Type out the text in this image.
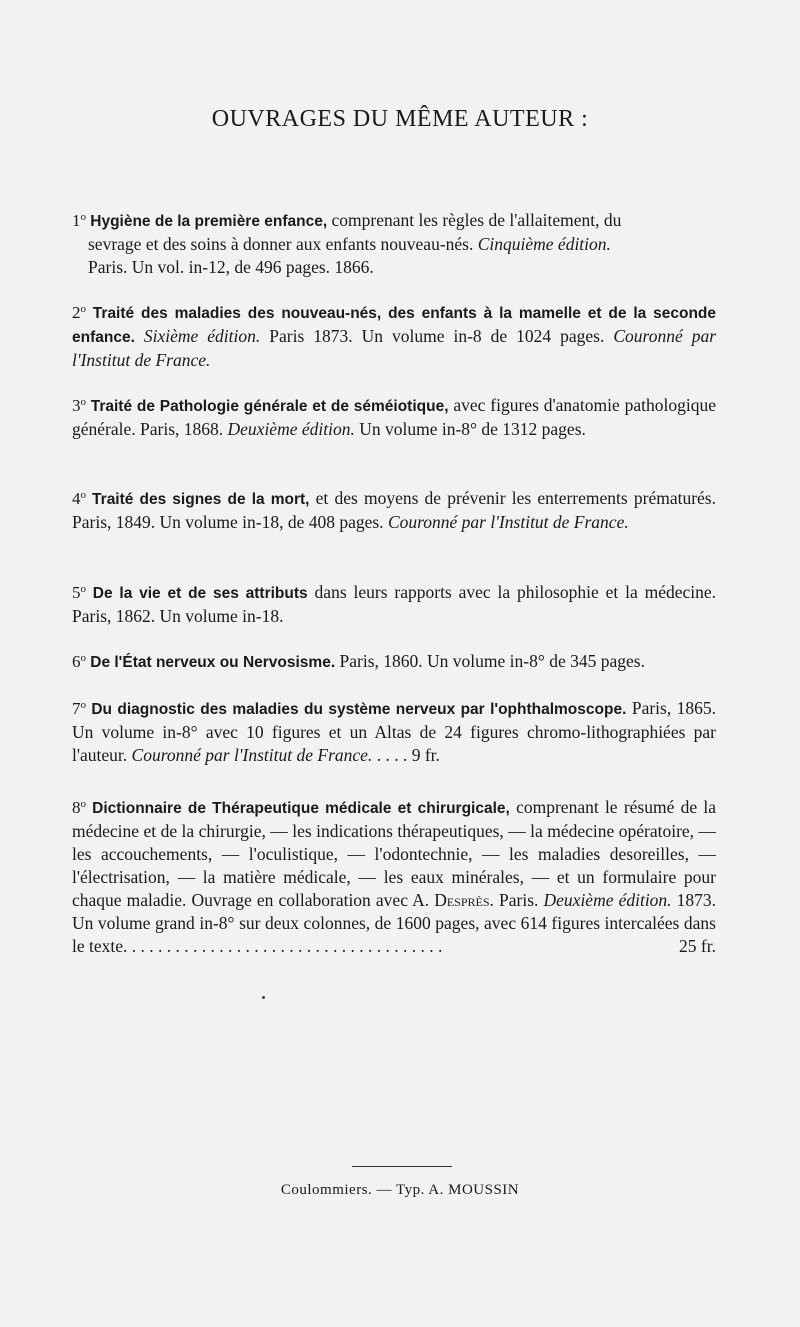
OUVRAGES DU MÊME AUTEUR :
1$^o$ Hygiène de la première enfance, comprenant les règles de l'allaitement, du
sevrage et des soins à donner aux enfants nouveau-nés. Cinquième édition.
Paris. Un vol. in-12, de 496 pages. 1866.
2$^o$ Traité des maladies des nouveau-nés, des enfants à la mamelle et de la seconde enfance. Sixième édition. Paris 1873. Un volume in-8 de 1024 pages. Couronné par l'Institut de France.
3$^o$ Traité de Pathologie générale et de séméiotique, avec figures d'anatomie pathologique générale. Paris, 1868. Deuxième édition. Un volume in-8° de 1312 pages.
4$^o$ Traité des signes de la mort, et des moyens de prévenir les enterrements prématurés. Paris, 1849. Un volume in-18, de 408 pages. Couronné par l'Institut de France.
5$^o$ De la vie et de ses attributs dans leurs rapports avec la philosophie et la médecine. Paris, 1862. Un volume in-18.
6$^o$ De l'État nerveux ou Nervosisme. Paris, 1860. Un volume in-8° de 345 pages.
7$^o$ Du diagnostic des maladies du système nerveux par l'ophthalmoscope. Paris, 1865. Un volume in-8° avec 10 figures et un Altas de 24 figures chromo-lithographiées par l'auteur. Couronné par l'Institut de France. . . . . 9 fr.
8$^o$ Dictionnaire de Thérapeutique médicale et chirurgicale, comprenant le résumé de la médecine et de la chirurgie, — les indications thérapeutiques, — la médecine opératoire, — les accouchements, — l'oculistique, — l'odontechnie, — les maladies desoreilles, — l'électrisation, — la matière médicale, — les eaux minérales, — et un formulaire pour chaque maladie. Ouvrage en collaboration avec A. Desprès. Paris. Deuxième édition. 1873. Un volume grand in-8° sur deux colonnes, de 1600 pages, avec 614 figures intercalées dans le texte. . . . . . . . . . . . . . . . . . . . . . . . . . . . . . . . . . . . .	25 fr.
Coulommiers. — Typ. A. MOUSSIN
